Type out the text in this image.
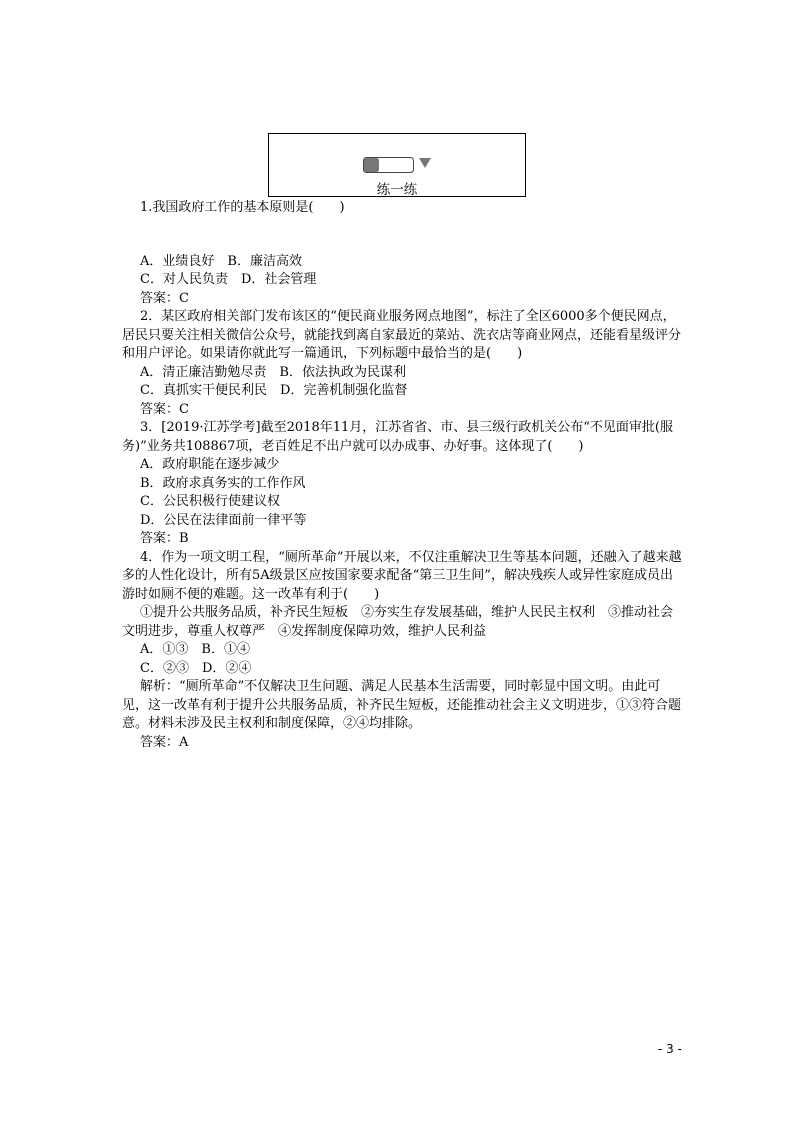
练一练

1.我国政府工作的基本原则是(　　)

A．业绩良好　B．廉洁高效

C．对人民负责　D．社会管理

答案：C

2．某区政府相关部门发布该区的“便民商业服务网点地图”，标注了全区6000多个便民网点，居民只要关注相关微信公众号，就能找到离自家最近的菜站、洗衣店等商业网点，还能看星级评分和用户评论。如果请你就此写一篇通讯，下列标题中最恰当的是(　　)

A．清正廉洁勤勉尽责　B．依法执政为民谋利

C．真抓实干便民利民　D．完善机制强化监督

答案：C

3．[2019·江苏学考]截至2018年11月，江苏省省、市、县三级行政机关公布“不见面审批(服务)”业务共108867项，老百姓足不出户就可以办成事、办好事。这体现了(　　)

A．政府职能在逐步减少

B．政府求真务实的工作作风

C．公民积极行使建议权

D．公民在法律面前一律平等

答案：B

4．作为一项文明工程，“厕所革命”开展以来，不仅注重解决卫生等基本问题，还融入了越来越多的人性化设计，所有5A级景区应按国家要求配备“第三卫生间”，解决残疾人或异性家庭成员出游时如厕不便的难题。这一改革有利于(　　)

①提升公共服务品质，补齐民生短板　②夯实生存发展基础，维护人民民主权利　③推动社会文明进步，尊重人权尊严　④发挥制度保障功效，维护人民利益

A．①③　B．①④

C．②③　D．②④

解析：“厕所革命”不仅解决卫生问题、满足人民基本生活需要，同时彰显中国文明。由此可见，这一改革有利于提升公共服务品质，补齐民生短板，还能推动社会主义文明进步，①③符合题意。材料未涉及民主权利和制度保障，②④均排除。

答案：A

- 3 -
